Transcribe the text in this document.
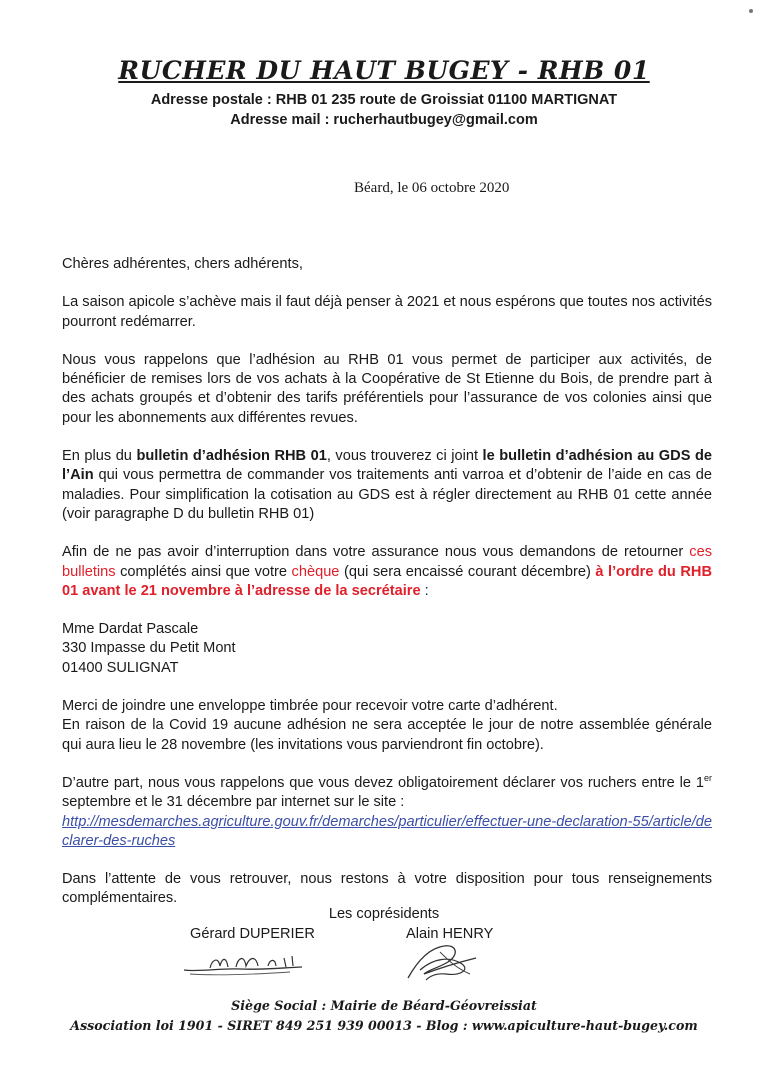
RUCHER DU HAUT BUGEY - RHB 01
Adresse postale : RHB 01 235 route de Groissiat 01100 MARTIGNAT
Adresse mail : rucherhautbugey@gmail.com
Béard, le 06 octobre 2020

Chères adhérentes, chers adhérents,

La saison apicole s’achève mais il faut déjà penser à 2021 et nous espérons que toutes nos activités pourront redémarrer.

Nous vous rappelons que l’adhésion au RHB 01 vous permet de participer aux activités, de bénéficier de remises lors de vos achats à la Coopérative de St Etienne du Bois, de prendre part à des achats groupés et d’obtenir des tarifs préférentiels pour l’assurance de vos colonies ainsi que pour les abonnements aux différentes revues.

En plus du bulletin d’adhésion RHB 01, vous trouverez ci joint le bulletin d’adhésion au GDS de l’Ain qui vous permettra de commander vos traitements anti varroa et d’obtenir de l’aide en cas de maladies. Pour simplification la cotisation au GDS est à régler directement au RHB 01 cette année (voir paragraphe D du bulletin RHB 01)

Afin de ne pas avoir d’interruption dans votre assurance nous vous demandons de retourner ces bulletins complétés ainsi que votre chèque (qui sera encaissé courant décembre) à l’ordre du RHB 01 avant le 21 novembre à l’adresse de la secrétaire :

Mme Dardat Pascale
330 Impasse du Petit Mont
01400 SULIGNAT

Merci de joindre une enveloppe timbrée pour recevoir votre carte d’adhérent.
En raison de la Covid 19 aucune adhésion ne sera acceptée le jour de notre assemblée générale qui aura lieu le 28 novembre (les invitations vous parviendront fin octobre).

D’autre part, nous vous rappelons que vous devez obligatoirement déclarer vos ruchers entre le 1er septembre et le 31 décembre par internet sur le site :
http://mesdemarches.agriculture.gouv.fr/demarches/particulier/effectuer-une-declaration-55/article/declarer-des-ruches

Dans l’attente de vous retrouver, nous restons à votre disposition pour tous renseignements complémentaires.

Les coprésidents
Gérard DUPERIER	Alain HENRY
Siège Social : Mairie de Béard-Géovreissiat
Association loi 1901 - SIRET 849 251 939 00013 - Blog : www.apiculture-haut-bugey.com
